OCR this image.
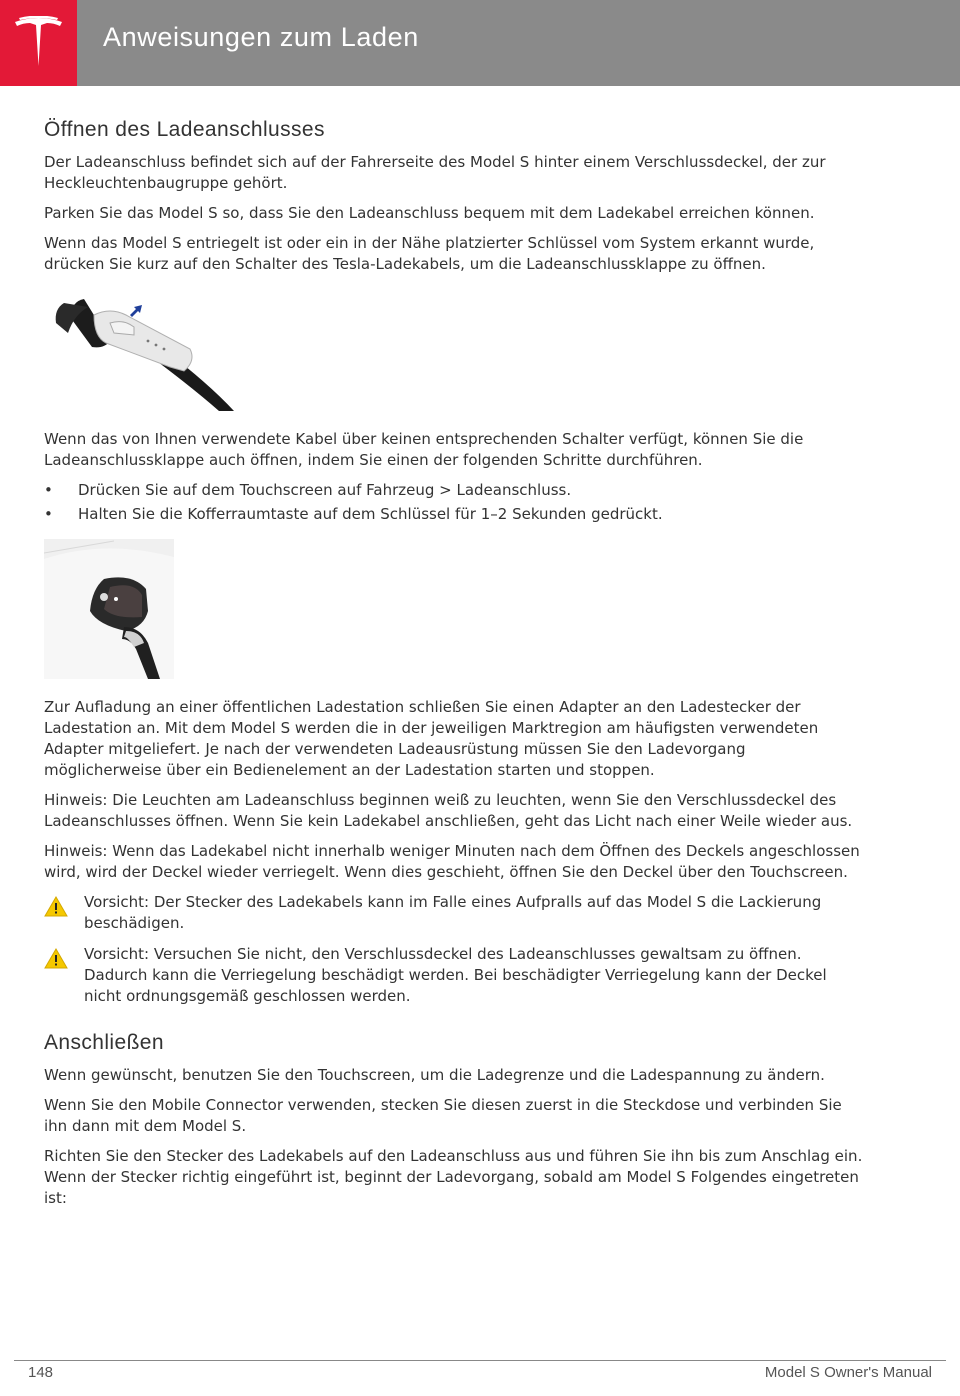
Anweisungen zum Laden
Öffnen des Ladeanschlusses

Der Ladeanschluss befindet sich auf der Fahrerseite des Model S hinter einem Verschlussdeckel, der zur Heckleuchtenbaugruppe gehört.

Parken Sie das Model S so, dass Sie den Ladeanschluss bequem mit dem Ladekabel erreichen können.

Wenn das Model S entriegelt ist oder ein in der Nähe platzierter Schlüssel vom System erkannt wurde, drücken Sie kurz auf den Schalter des Tesla-Ladekabels, um die Ladeanschlussklappe zu öffnen.

Wenn das von Ihnen verwendete Kabel über keinen entsprechenden Schalter verfügt, können Sie die Ladeanschlussklappe auch öffnen, indem Sie einen der folgenden Schritte durchführen.

• Drücken Sie auf dem Touchscreen auf Fahrzeug > Ladeanschluss.
• Halten Sie die Kofferraumtaste auf dem Schlüssel für 1–2 Sekunden gedrückt.

Zur Aufladung an einer öffentlichen Ladestation schließen Sie einen Adapter an den Ladestecker der Ladestation an. Mit dem Model S werden die in der jeweiligen Marktregion am häufigsten verwendeten Adapter mitgeliefert. Je nach der verwendeten Ladeausrüstung müssen Sie den Ladevorgang möglicherweise über ein Bedienelement an der Ladestation starten und stoppen.

Hinweis: Die Leuchten am Ladeanschluss beginnen weiß zu leuchten, wenn Sie den Verschlussdeckel des Ladeanschlusses öffnen. Wenn Sie kein Ladekabel anschließen, geht das Licht nach einer Weile wieder aus.

Hinweis: Wenn das Ladekabel nicht innerhalb weniger Minuten nach dem Öffnen des Deckels angeschlossen wird, wird der Deckel wieder verriegelt. Wenn dies geschieht, öffnen Sie den Deckel über den Touchscreen.

Vorsicht: Der Stecker des Ladekabels kann im Falle eines Aufpralls auf das Model S die Lackierung beschädigen.

Vorsicht: Versuchen Sie nicht, den Verschlussdeckel des Ladeanschlusses gewaltsam zu öffnen. Dadurch kann die Verriegelung beschädigt werden. Bei beschädigter Verriegelung kann der Deckel nicht ordnungsgemäß geschlossen werden.

Anschließen

Wenn gewünscht, benutzen Sie den Touchscreen, um die Ladegrenze und die Ladespannung zu ändern.

Wenn Sie den Mobile Connector verwenden, stecken Sie diesen zuerst in die Steckdose und verbinden Sie ihn dann mit dem Model S.

Richten Sie den Stecker des Ladekabels auf den Ladeanschluss aus und führen Sie ihn bis zum Anschlag ein. Wenn der Stecker richtig eingeführt ist, beginnt der Ladevorgang, sobald am Model S Folgendes eingetreten ist:

148	Model S Owner's Manual
